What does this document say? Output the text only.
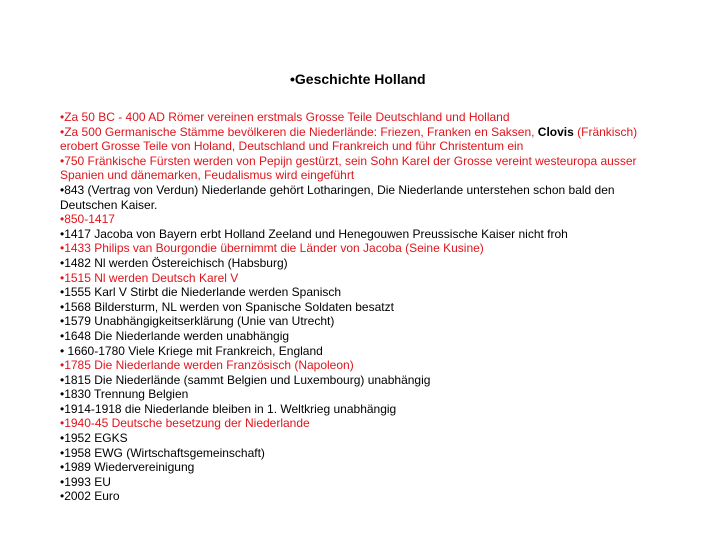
•Geschichte Holland
•Za 50 BC - 400 AD Römer vereinen erstmals Grosse Teile Deutschland und Holland
•Za 500 Germanische Stämme bevölkeren die Niederlände: Friezen, Franken en Saksen, Clovis (Fränkisch)
erobert Grosse Teile von Holand, Deutschland und Frankreich und führ Christentum ein
•750 Fränkische Fürsten werden von Pepijn gestürzt, sein Sohn Karel der Grosse vereint westeuropa ausser
Spanien und dänemarken, Feudalismus wird eingeführt
•843 (Vertrag von Verdun) Niederlande gehört Lotharingen, Die Niederlande unterstehen schon bald den
Deutschen Kaiser.
•850-1417
•1417 Jacoba von Bayern erbt Holland Zeeland und Henegouwen Preussische Kaiser nicht froh
•1433 Philips van Bourgondie übernimmt die Länder von Jacoba (Seine Kusine)
•1482 Nl werden Östereichisch (Habsburg)
•1515 Nl werden Deutsch Karel V
•1555 Karl V Stirbt die Niederlande werden Spanisch
•1568 Bildersturm, NL werden von Spanische Soldaten besatzt
•1579 Unabhängigkeitserklärung (Unie van Utrecht)
•1648 Die Niederlande werden unabhängig
• 1660-1780 Viele Kriege mit Frankreich, England
•1785 Die Niederlande werden Französisch (Napoleon)
•1815 Die Niederlände (sammt Belgien und Luxembourg) unabhängig
•1830 Trennung Belgien
•1914-1918 die Niederlande bleiben in 1. Weltkrieg unabhängig
•1940-45 Deutsche besetzung der Niederlande
•1952 EGKS
•1958 EWG (Wirtschaftsgemeinschaft)
•1989 Wiedervereinigung
•1993 EU
•2002 Euro
